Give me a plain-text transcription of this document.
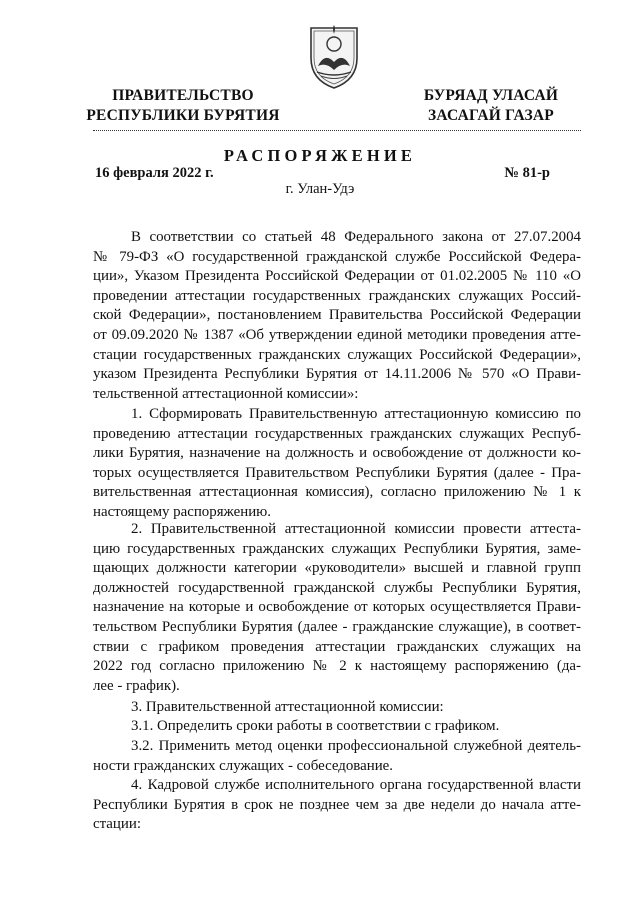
ПРАВИТЕЛЬСТВО
РЕСПУБЛИКИ БУРЯТИЯ
БУРЯАД УЛАСАЙ
ЗАСАГАЙ ГАЗАР
РАСПОРЯЖЕНИЕ
16 февраля 2022 г.	№ 81-р
г. Улан-Удэ
В соответствии со статьей 48 Федерального закона от 27.07.2004
№ 79-ФЗ «О государственной гражданской службе Российской Федера-
ции», Указом Президента Российской Федерации от 01.02.2005 № 110 «О
проведении аттестации государственных гражданских служащих Россий-
ской Федерации», постановлением Правительства Российской Федерации
от 09.09.2020 № 1387 «Об утверждении единой методики проведения атте-
стации государственных гражданских служащих Российской Федерации»,
указом Президента Республики Бурятия от 14.11.2006 № 570 «О Прави-
тельственной аттестационной комиссии»:
1. Сформировать Правительственную аттестационную комиссию по
проведению аттестации государственных гражданских служащих Респуб-
лики Бурятия, назначение на должность и освобождение от должности ко-
торых осуществляется Правительством Республики Бурятия (далее - Пра-
вительственная аттестационная комиссия), согласно приложению № 1 к
настоящему распоряжению.
2. Правительственной аттестационной комиссии провести аттеста-
цию государственных гражданских служащих Республики Бурятия, заме-
щающих должности категории «руководители» высшей и главной групп
должностей государственной гражданской службы Республики Бурятия,
назначение на которые и освобождение от которых осуществляется Прави-
тельством Республики Бурятия (далее - гражданские служащие), в соответ-
ствии с графиком проведения аттестации гражданских служащих на
2022 год согласно приложению № 2 к настоящему распоряжению (да-
лее - график).
3. Правительственной аттестационной комиссии:
3.1. Определить сроки работы в соответствии с графиком.
3.2. Применить метод оценки профессиональной служебной деятель-
ности гражданских служащих - собеседование.
4. Кадровой службе исполнительного органа государственной власти
Республики Бурятия в срок не позднее чем за две недели до начала атте-
стации:
